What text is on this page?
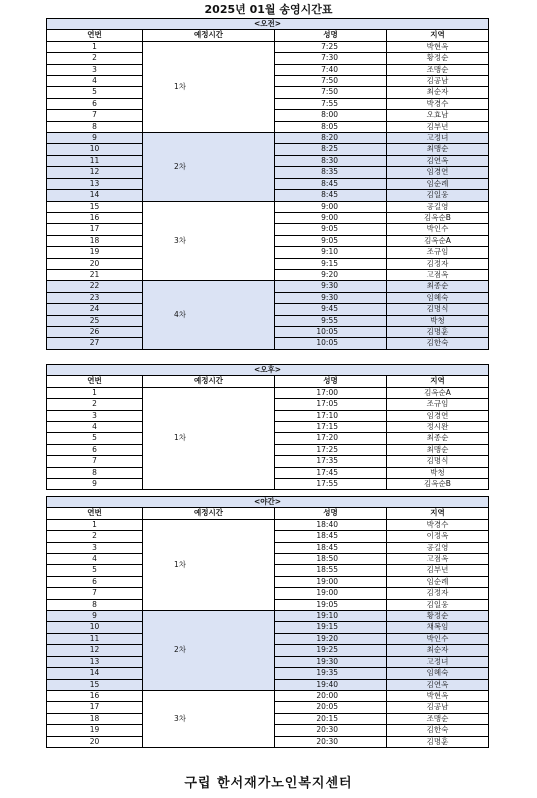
2025년 01월 송영시간표
<오전>				
연번	예정시간	성명	지역	
1	1차	7:25	박현옥	
2		7:30	황정순	
3		7:40	조맹순	
4		7:50	김공남	
5		7:50	최순자	
6		7:55	박경수	
7		8:00	오효남	
8		8:05	김부년	
9	2차	8:20	고정녀	
10		8:25	최맹순	
11		8:30	김연옥	
12		8:35	임경연	
13		8:45	임순례	
14		8:45	김일웅	
15	3차	9:00	공길영	
16		9:00	김옥순B	
17		9:05	박인수	
18		9:05	김옥순A	
19		9:10	조규임	
20		9:15	김정자	
21		9:20	고점옥	
22	4차	9:30	최종순	
23		9:30	임혜숙	
24		9:45	김명식	
25		9:55	박청	
26		10:05	김명훈	
27		10:05	김한숙	
<오후>				
연번	예정시간	성명	지역	
1	1차	17:00	김옥순A	
2		17:05	조규임	
3		17:10	임경연	
4		17:15	정시완	
5		17:20	최종순	
6		17:25	최맹순	
7		17:35	김명식	
8		17:45	박청	
9		17:55	김옥순B	
<야간>				
연번	예정시간	성명	지역	
1	1차	18:40	박경수	
2		18:45	이정옥	
3		18:45	공길영	
4		18:50	고점옥	
5		18:55	김부년	
6		19:00	임순례	
7		19:00	김정자	
8		19:05	김일웅	
9	2차	19:10	황정순	
10		19:15	채복임	
11		19:20	박인수	
12		19:25	최순자	
13		19:30	고정녀	
14		19:35	임혜숙	
15		19:40	김연옥	
16	3차	20:00	박현옥	
17		20:05	김공남	
18		20:15	조맹순	
19		20:30	김한숙	
20		20:30	김명훈	
구립 한서재가노인복지센터
